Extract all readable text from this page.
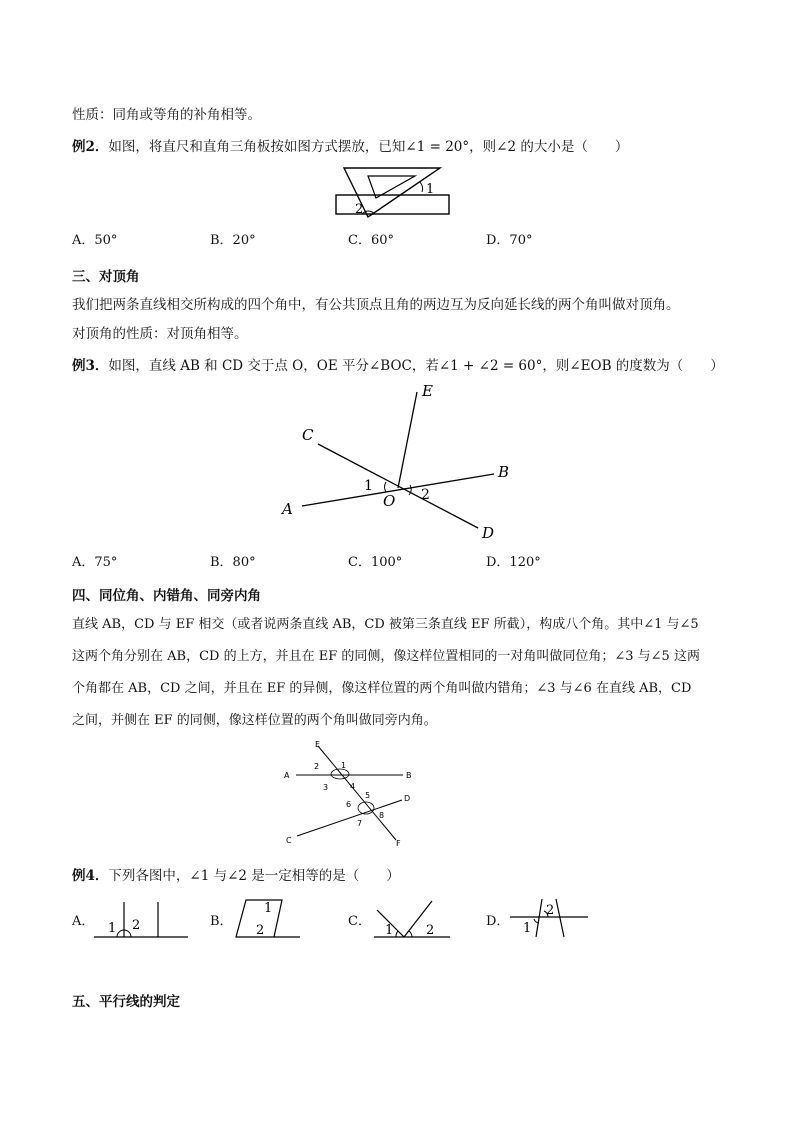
性质：同角或等角的补角相等。
例2．如图，将直尺和直角三角板按如图方式摆放，已知∠1 = 20°，则∠2 的大小是（　　）
1
2
A．50°	B．20°	C．60°	D．70°
三、对顶角
我们把两条直线相交所构成的四个角中，有公共顶点且角的两边互为反向延长线的两个角叫做对顶角。
对顶角的性质：对顶角相等。
例3．如图，直线 AB 和 CD 交于点 O，OE 平分∠BOC，若∠1 + ∠2 = 60°，则∠EOB 的度数为（　　）
E
C
B
A
D
O
1
2
A．75°	B．80°	C．100°	D．120°
四、同位角、内错角、同旁内角
直线 AB，CD 与 EF 相交（或者说两条直线 AB，CD 被第三条直线 EF 所截），构成八个角。其中∠1 与∠5
这两个角分别在 AB，CD 的上方，并且在 EF 的同侧，像这样位置相同的一对角叫做同位角；∠3 与∠5 这两
个角都在 AB，CD 之间，并且在 EF 的异侧，像这样位置的两个角叫做内错角；∠3 与∠6 在直线 AB，CD
之间，并侧在 EF 的同侧，像这样位置的两个角叫做同旁内角。
E
A	B
C
D
F
1
2
3	4
5
6
7
8
例4．下列各图中，∠1 与∠2 是一定相等的是（　　）
A． 1 2	B．
1
2
C．
1	2
D．
2
1
五、平行线的判定
